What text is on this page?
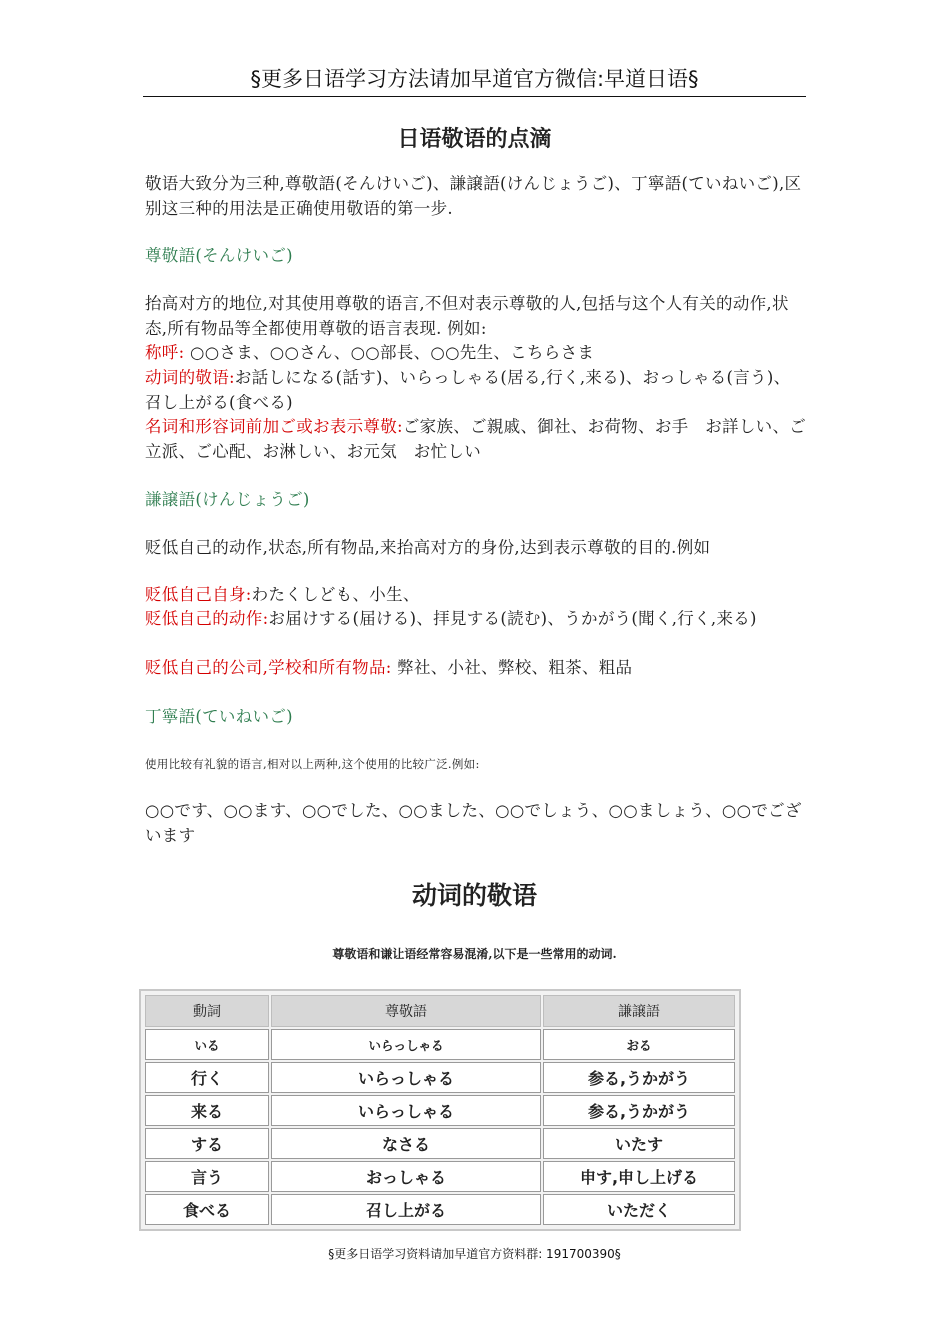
§更多日语学习方法请加早道官方微信:早道日语§
日语敬语的点滴
敬语大致分为三种,尊敬語(そんけいご)、謙譲語(けんじょうご)、丁寧語(ていねいご),区别这三种的用法是正确使用敬语的第一步.
尊敬語(そんけいご)
抬高对方的地位,对其使用尊敬的语言,不但对表示尊敬的人,包括与这个人有关的动作,状态,所有物品等全都使用尊敬的语言表现. 例如:
称呼: ○○さま、○○さん、○○部長、○○先生、こちらさま
动词的敬语:お話しになる(話す)、いらっしゃる(居る,行く,来る)、おっしゃる(言う)、召し上がる(食べる)
名词和形容词前加ご或お表示尊敬:ご家族、ご親戚、御社、お荷物、お手　お詳しい、ご立派、ご心配、お淋しい、お元気　お忙しい
謙譲語(けんじょうご)
贬低自己的动作,状态,所有物品,来抬高对方的身份,达到表示尊敬的目的.例如
贬低自己自身:わたくしども、小生、
贬低自己的动作:お届けする(届ける)、拝見する(読む)、うかがう(聞く,行く,来る)
贬低自己的公司,学校和所有物品: 弊社、小社、弊校、粗茶、粗品
丁寧語(ていねいご)
使用比较有礼貌的语言,相对以上两种,这个使用的比较广泛.例如:
○○です、○○ます、○○でした、○○ました、○○でしょう、○○ましょう、○○でございます
动词的敬语
尊敬语和谦让语经常容易混淆,以下是一些常用的动词.
動詞	尊敬語	謙譲語
いる	いらっしゃる	おる
行く	いらっしゃる	参る,うかがう
来る	いらっしゃる	参る,うかがう
する	なさる	いたす
言う	おっしゃる	申す,申し上げる
食べる	召し上がる	いただく
§更多日语学习资料请加早道官方资料群: 191700390§
